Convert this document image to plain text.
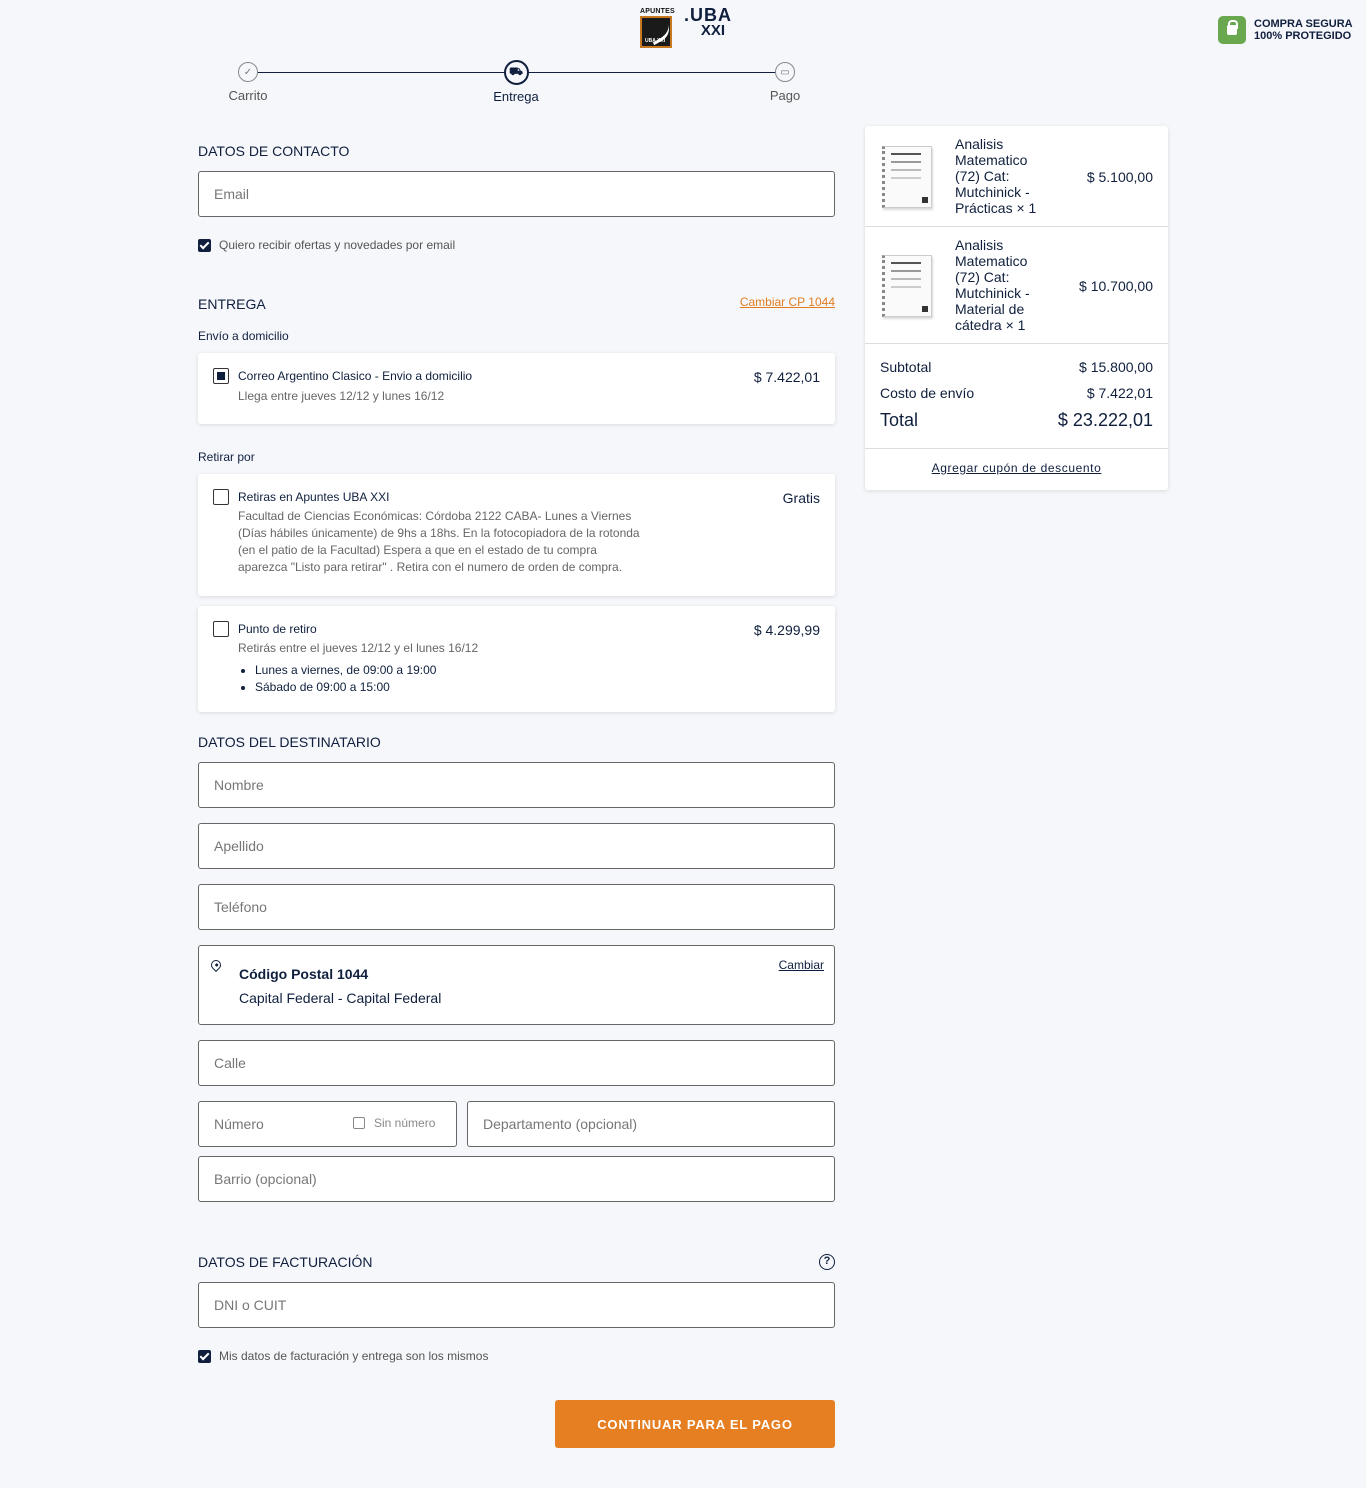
APUNTES
UBA XXI .UBA
XXI	COMPRA SEGURA
100% PROTEGIDO
✓
Carrito
⛟
Entrega
▭
Pago
DATOS DE CONTACTO
Email
Quiero recibir ofertas y novedades por email
ENTREGA	Cambiar CP 1044
Envío a domicilio
Correo Argentino Clasico - Envio a domicilio
Llega entre jueves 12/12 y lunes 16/12
$ 7.422,01
Retirar por
Retiras en Apuntes UBA XXI
Facultad de Ciencias Económicas: Córdoba 2122 CABA- Lunes a Viernes
(Días hábiles únicamente) de 9hs a 18hs. En la fotocopiadora de la rotonda
(en el patio de la Facultad) Espera a que en el estado de tu compra
aparezca "Listo para retirar" . Retira con el numero de orden de compra.
Gratis
Punto de retiro
Retirás entre el jueves 12/12 y el lunes 16/12
• Lunes a viernes, de 09:00 a 19:00
• Sábado de 09:00 a 15:00
$ 4.299,99
DATOS DEL DESTINATARIO
Nombre
Apellido
Teléfono
Código Postal 1044
Capital Federal - Capital Federal
Cambiar
Calle
Número
Sin número
Departamento (opcional)
Barrio (opcional)
DATOS DE FACTURACIÓN	?
DNI o CUIT
Mis datos de facturación y entrega son los mismos
CONTINUAR PARA EL PAGO
Analisis Matematico (72) Cat: Mutchinick - Prácticas × 1
$ 5.100,00
Analisis Matematico (72) Cat: Mutchinick - Material de cátedra × 1
$ 10.700,00
Subtotal	$ 15.800,00
Costo de envío	$ 7.422,01
Total	$ 23.222,01
Agregar cupón de descuento
